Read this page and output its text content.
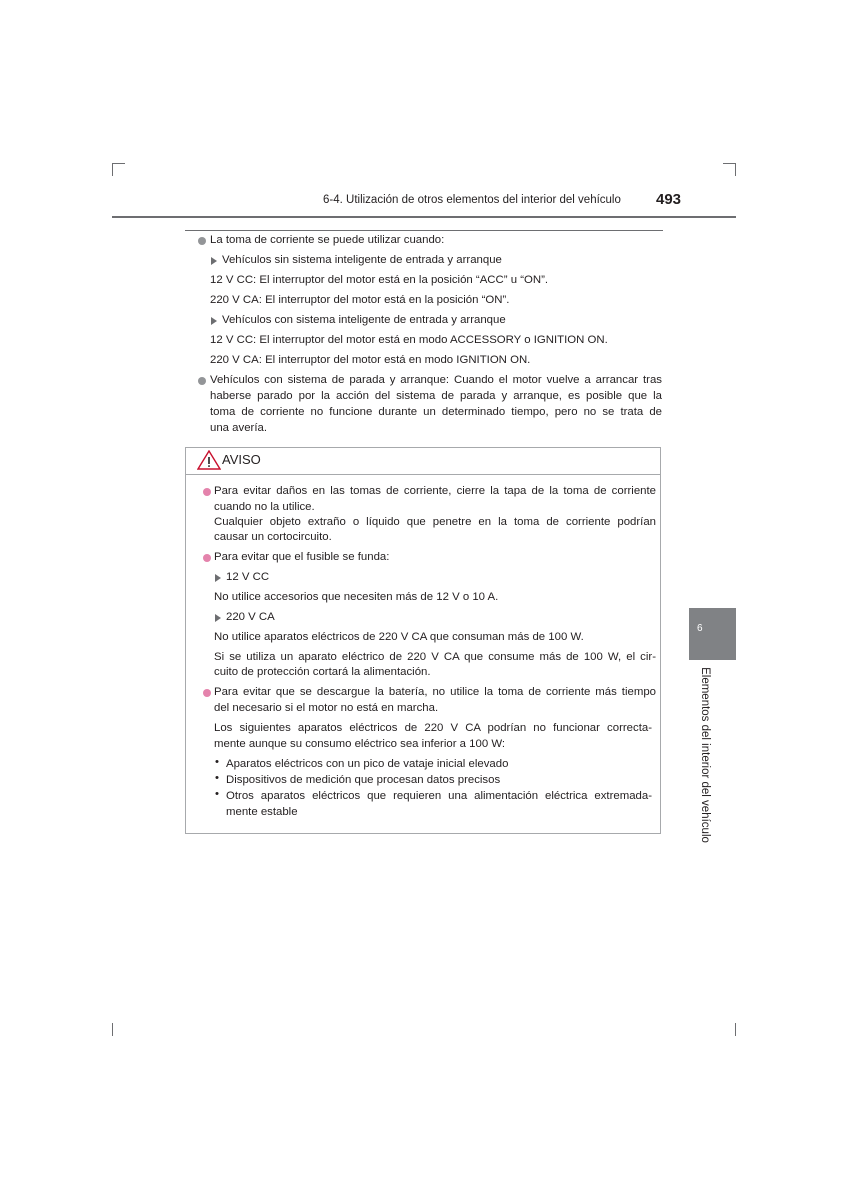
6-4. Utilización de otros elementos del interior del vehículo 493
La toma de corriente se puede utilizar cuando:
Vehículos sin sistema inteligente de entrada y arranque
12 V CC: El interruptor del motor está en la posición “ACC” u “ON”.
220 V CA: El interruptor del motor está en la posición “ON”.
Vehículos con sistema inteligente de entrada y arranque
12 V CC: El interruptor del motor está en modo ACCESSORY o IGNITION ON.
220 V CA: El interruptor del motor está en modo IGNITION ON.
Vehículos con sistema de parada y arranque: Cuando el motor vuelve a arrancar tras
haberse parado por la acción del sistema de parada y arranque, es posible que la
toma de corriente no funcione durante un determinado tiempo, pero no se trata de
una avería.
AVISO
Para evitar daños en las tomas de corriente, cierre la tapa de la toma de corriente
cuando no la utilice.
Cualquier objeto extraño o líquido que penetre en la toma de corriente podrían
causar un cortocircuito.
Para evitar que el fusible se funda:
12 V CC
No utilice accesorios que necesiten más de 12 V o 10 A.
220 V CA
No utilice aparatos eléctricos de 220 V CA que consuman más de 100 W.
Si se utiliza un aparato eléctrico de 220 V CA que consume más de 100 W, el cir-
cuito de protección cortará la alimentación.
Para evitar que se descargue la batería, no utilice la toma de corriente más tiempo
del necesario si el motor no está en marcha.
Los siguientes aparatos eléctricos de 220 V CA podrían no funcionar correcta-
mente aunque su consumo eléctrico sea inferior a 100 W:
• Aparatos eléctricos con un pico de vataje inicial elevado
• Dispositivos de medición que procesan datos precisos
• Otros aparatos eléctricos que requieren una alimentación eléctrica extremada-
mente estable
6
Elementos del interior del vehículo
